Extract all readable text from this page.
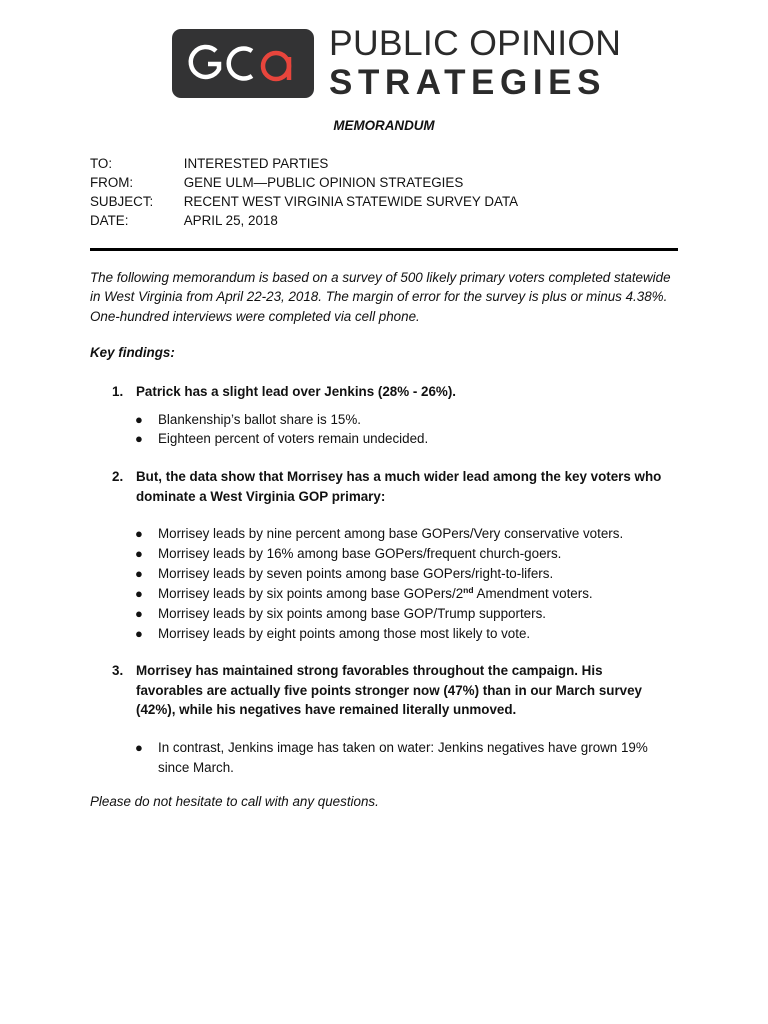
PUBLIC OPINION
STRATEGIES
MEMORANDUM
TO:	INTERESTED PARTIES
FROM:	GENE ULM—PUBLIC OPINION STRATEGIES
SUBJECT: RECENT WEST VIRGINIA STATEWIDE SURVEY DATA
DATE:	APRIL 25, 2018
The following memorandum is based on a survey of 500 likely primary voters completed statewide in West Virginia from April 22-23, 2018. The margin of error for the survey is plus or minus 4.38%. One-hundred interviews were completed via cell phone.
Key findings:
1. Patrick has a slight lead over Jenkins (28% - 26%).
● Blankenship’s ballot share is 15%.
● Eighteen percent of voters remain undecided.
2. But, the data show that Morrisey has a much wider lead among the key voters who dominate a West Virginia GOP primary:
● Morrisey leads by nine percent among base GOPers/Very conservative voters.
● Morrisey leads by 16% among base GOPers/frequent church-goers.
● Morrisey leads by seven points among base GOPers/right-to-lifers.
● Morrisey leads by six points among base GOPers/2nd Amendment voters.
● Morrisey leads by six points among base GOP/Trump supporters.
● Morrisey leads by eight points among those most likely to vote.
3. Morrisey has maintained strong favorables throughout the campaign. His favorables are actually five points stronger now (47%) than in our March survey (42%), while his negatives have remained literally unmoved.
● In contrast, Jenkins image has taken on water: Jenkins negatives have grown 19% since March.
Please do not hesitate to call with any questions.
